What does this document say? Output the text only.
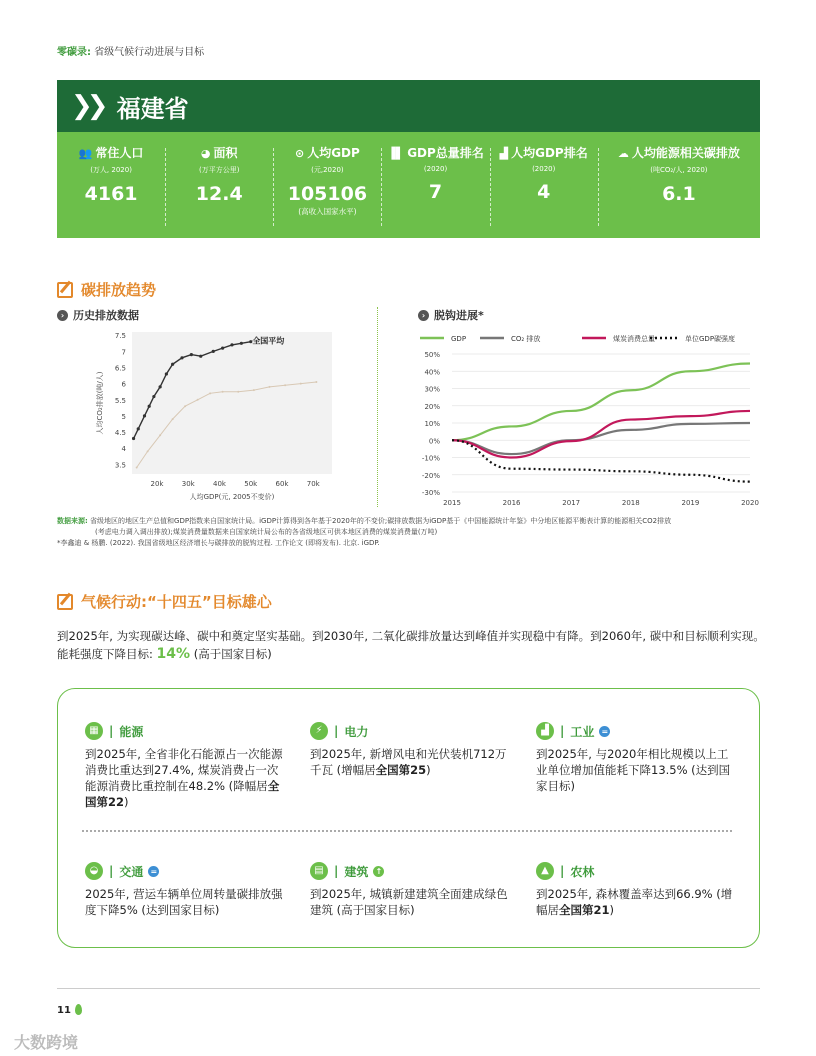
零碳录: 省级气候行动进展与目标
❯❯ 福建省
👥 常住人口
(万人, 2020)
4161
◕ 面积
(万平方公里)
12.4
⊙ 人均GDP
(元,2020)
105106
(高收入国家水平)
▐▌ GDP总量排名
(2020)
7
▟ 人均GDP排名
(2020)
4
☁ 人均能源相关碳排放
(吨CO₂/人, 2020)
6.1
碳排放趋势
› 历史排放数据	› 脱钩进展*
3.5
4
4.5
5
5.5
6
6.5
7
7.5
20k	30k	40k	50k	60k	70k
人均GDP(元, 2005不变价)
人均CO₂排放(吨/人)
全国平均
50%
40%
30%
20%
10%
0%
-10%
-20%
-30%
2015	2016	2017	2018	2019	2020
GDP	CO₂ 排放	煤炭消费总量	单位GDP碳强度
数据来源: 省级地区的地区生产总值和GDP指数来自国家统计局。iGDP计算得到各年基于2020年的不变价;碳排放数据为iGDP基于《中国能源统计年鉴》中分地区能源平衡表计算的能源相关CO2排放
(考虑电力调入调出排放);煤炭消费量数据来自国家统计局公布的各省级地区可供本地区消费的煤炭消费量(万吨)
*李鑫迪 & 杨鹏. (2022). 我国省级地区经济增长与碳排放的脱钩过程. 工作论文 (即将发布). 北京. iGDP.
气候行动:“十四五”目标雄心
到2025年, 为实现碳达峰、碳中和奠定坚实基础。到2030年, 二氧化碳排放量达到峰值并实现稳中有降。到2060年, 碳中和目标顺利实现。
能耗强度下降目标: 14% (高于国家目标)
▦ | 能源
到2025年, 全省非化石能源占一次能源消费比重达到27.4%, 煤炭消费占一次能源消费比重控制在48.2% (降幅居全国第22)
⚡ | 电力
到2025年, 新增风电和光伏装机712万千瓦 (增幅居全国第25)
▟ | 工业 =
到2025年, 与2020年相比规模以上工业单位增加值能耗下降13.5% (达到国家目标)
◒ | 交通 =
2025年, 营运车辆单位周转量碳排放强度下降5% (达到国家目标)
▤ | 建筑 ↑
到2025年, 城镇新建建筑全面建成绿色建筑 (高于国家目标)
▲ | 农林
到2025年, 森林覆盖率达到66.9% (增幅居全国第21)
11
大数跨境
